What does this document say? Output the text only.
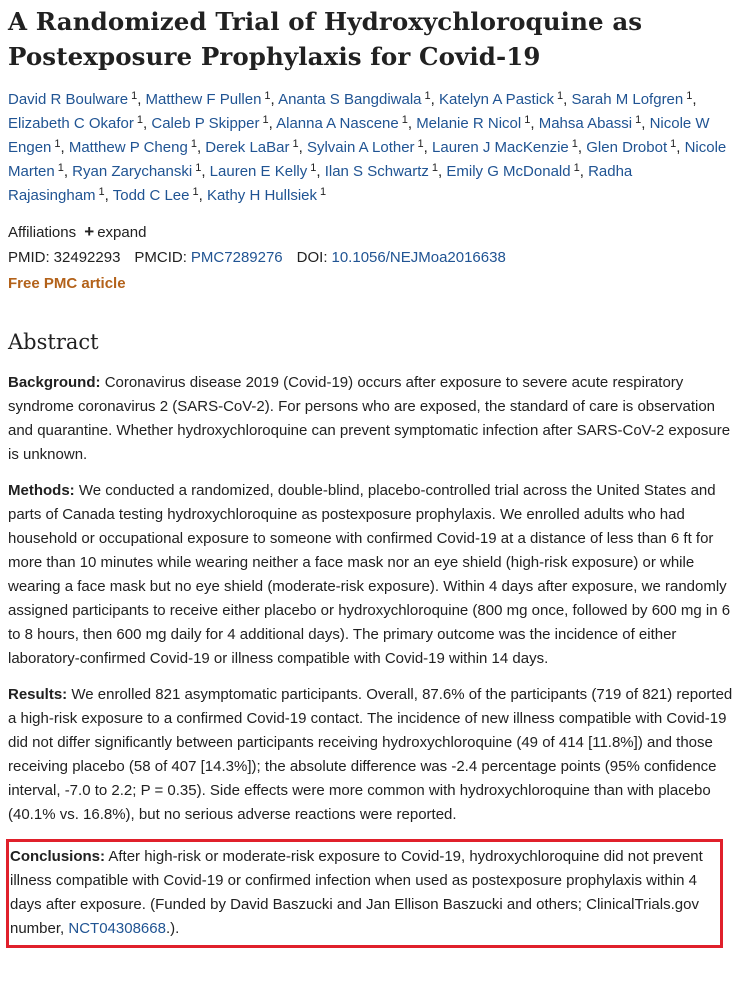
A Randomized Trial of Hydroxychloroquine as Postexposure Prophylaxis for Covid-19
David R Boulware $^1$, Matthew F Pullen $^1$, Ananta S Bangdiwala $^1$, Katelyn A Pastick $^1$, Sarah M Lofgren $^1$, Elizabeth C Okafor $^1$, Caleb P Skipper $^1$, Alanna A Nascene $^1$, Melanie R Nicol $^1$, Mahsa Abassi $^1$, Nicole W Engen $^1$, Matthew P Cheng $^1$, Derek LaBar $^1$, Sylvain A Lother $^1$, Lauren J MacKenzie $^1$, Glen Drobot $^1$, Nicole Marten $^1$, Ryan Zarychanski $^1$, Lauren E Kelly $^1$, Ilan S Schwartz $^1$, Emily G McDonald $^1$, Radha Rajasingham $^1$, Todd C Lee $^1$, Kathy H Hullsiek $^1$
Affiliations + expand
PMID: 32492293 PMCID: PMC7289276 DOI: 10.1056/NEJMoa2016638
Free PMC article
Abstract

Background: Coronavirus disease 2019 (Covid-19) occurs after exposure to severe acute respiratory syndrome coronavirus 2 (SARS-CoV-2). For persons who are exposed, the standard of care is observation and quarantine. Whether hydroxychloroquine can prevent symptomatic infection after SARS-CoV-2 exposure is unknown.

Methods: We conducted a randomized, double-blind, placebo-controlled trial across the United States and parts of Canada testing hydroxychloroquine as postexposure prophylaxis. We enrolled adults who had household or occupational exposure to someone with confirmed Covid-19 at a distance of less than 6 ft for more than 10 minutes while wearing neither a face mask nor an eye shield (high-risk exposure) or while wearing a face mask but no eye shield (moderate-risk exposure). Within 4 days after exposure, we randomly assigned participants to receive either placebo or hydroxychloroquine (800 mg once, followed by 600 mg in 6 to 8 hours, then 600 mg daily for 4 additional days). The primary outcome was the incidence of either laboratory-confirmed Covid-19 or illness compatible with Covid-19 within 14 days.

Results: We enrolled 821 asymptomatic participants. Overall, 87.6% of the participants (719 of 821) reported a high-risk exposure to a confirmed Covid-19 contact. The incidence of new illness compatible with Covid-19 did not differ significantly between participants receiving hydroxychloroquine (49 of 414 [11.8%]) and those receiving placebo (58 of 407 [14.3%]); the absolute difference was -2.4 percentage points (95% confidence interval, -7.0 to 2.2; P = 0.35). Side effects were more common with hydroxychloroquine than with placebo (40.1% vs. 16.8%), but no serious adverse reactions were reported.

Conclusions: After high-risk or moderate-risk exposure to Covid-19, hydroxychloroquine did not prevent illness compatible with Covid-19 or confirmed infection when used as postexposure prophylaxis within 4 days after exposure. (Funded by David Baszucki and Jan Ellison Baszucki and others; ClinicalTrials.gov number, NCT04308668.).
